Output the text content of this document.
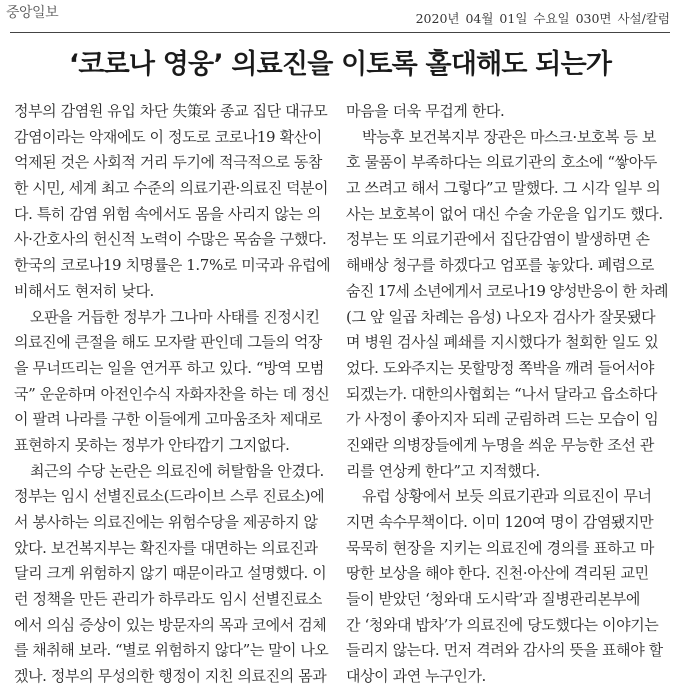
중앙일보	2020년 04월 01일 수요일 030면 사설/칼럼
‘코로나 영웅’ 의료진을 이토록 홀대해도 되는가
정부의 감염원 유입 차단 失策와 종교 집단 대규모
감염이라는 악재에도 이 정도로 코로나19 확산이
억제된 것은 사회적 거리 두기에 적극적으로 동참
한 시민, 세계 최고 수준의 의료기관·의료진 덕분이
다. 특히 감염 위험 속에서도 몸을 사리지 않는 의
사·간호사의 헌신적 노력이 수많은 목숨을 구했다.
한국의 코로나19 치명률은 1.7%로 미국과 유럽에
비해서도 현저히 낮다.
오판을 거듭한 정부가 그나마 사태를 진정시킨
의료진에 큰절을 해도 모자랄 판인데 그들의 억장
을 무너뜨리는 일을 연거푸 하고 있다. “방역 모범
국” 운운하며 아전인수식 자화자찬을 하는 데 정신
이 팔려 나라를 구한 이들에게 고마움조차 제대로
표현하지 못하는 정부가 안타깝기 그지없다.
최근의 수당 논란은 의료진에 허탈함을 안겼다.
정부는 임시 선별진료소(드라이브 스루 진료소)에
서 봉사하는 의료진에는 위험수당을 제공하지 않
았다. 보건복지부는 확진자를 대면하는 의료진과
달리 크게 위험하지 않기 때문이라고 설명했다. 이
런 정책을 만든 관리가 하루라도 임시 선별진료소
에서 의심 증상이 있는 방문자의 목과 코에서 검체
를 채취해 보라. “별로 위험하지 않다”는 말이 나오
겠나. 정부의 무성의한 행정이 지친 의료진의 몸과
마음을 더욱 무겁게 한다.
박능후 보건복지부 장관은 마스크·보호복 등 보
호 물품이 부족하다는 의료기관의 호소에 “쌓아두
고 쓰려고 해서 그렇다”고 말했다. 그 시각 일부 의
사는 보호복이 없어 대신 수술 가운을 입기도 했다.
정부는 또 의료기관에서 집단감염이 발생하면 손
해배상 청구를 하겠다고 엄포를 놓았다. 폐렴으로
숨진 17세 소년에게서 코로나19 양성반응이 한 차례
(그 앞 일곱 차례는 음성) 나오자 검사가 잘못됐다
며 병원 검사실 폐쇄를 지시했다가 철회한 일도 있
었다. 도와주지는 못할망정 쪽박을 깨려 들어서야
되겠는가. 대한의사협회는 “나서 달라고 읍소하다
가 사정이 좋아지자 되레 군림하려 드는 모습이 임
진왜란 의병장들에게 누명을 씌운 무능한 조선 관
리를 연상케 한다”고 지적했다.
유럽 상황에서 보듯 의료기관과 의료진이 무너
지면 속수무책이다. 이미 120여 명이 감염됐지만
묵묵히 현장을 지키는 의료진에 경의를 표하고 마
땅한 보상을 해야 한다. 진천·아산에 격리된 교민
들이 받았던 ‘청와대 도시락’과 질병관리본부에
간 ‘청와대 밥차’가 의료진에 당도했다는 이야기는
들리지 않는다. 먼저 격려와 감사의 뜻을 표해야 할
대상이 과연 누구인가.
